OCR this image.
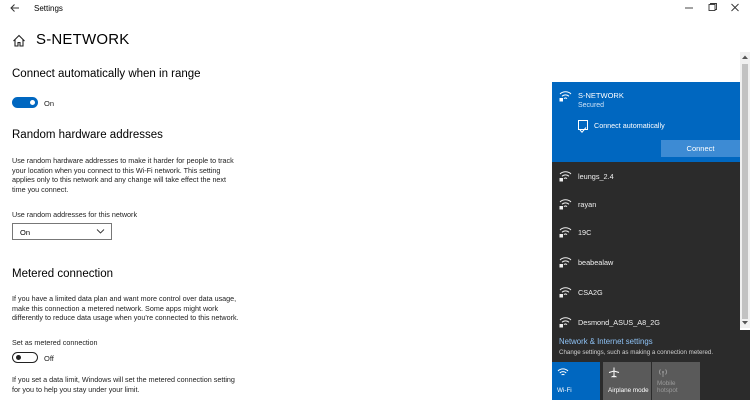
Settings
S-NETWORK
Connect automatically when in range
On
Random hardware addresses
Use random hardware addresses to make it harder for people to track
your location when you connect to this Wi-Fi network. This setting
applies only to this network and any change will take effect the next
time you connect.
Use random addresses for this network
On
Metered connection
If you have a limited data plan and want more control over data usage,
make this connection a metered network. Some apps might work
differently to reduce data usage when you're connected to this network.
Set as metered connection
Off
If you set a data limit, Windows will set the metered connection setting
for you to help you stay under your limit.
S-NETWORK
Secured
Connect automatically
Connect
leungs_2.4
rayan
19C
beabealaw
CSA2G
Desmond_ASUS_A8_2G
Network & Internet settings
Change settings, such as making a connection metered.
Wi-Fi	Airplane mode
Mobile
hotspot
